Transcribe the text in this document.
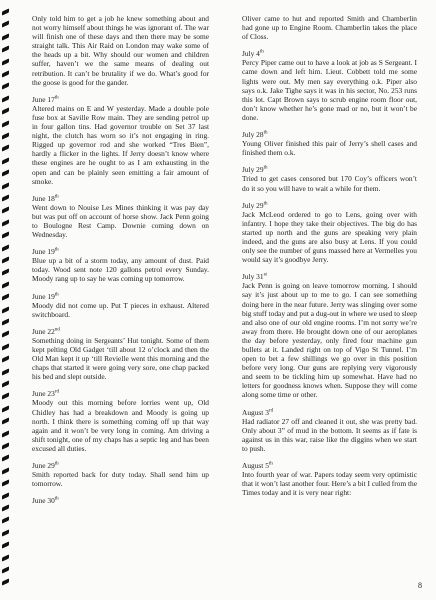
Only told him to get a job he knew something about and not worry himself about things he was ignorant of. The war will finish one of these days and then there may be some straight talk. This Air Raid on London may wake some of the heads up a bit. Why should our women and children suffer, haven’t we the same means of dealing out retribution. It can’t be brutality if we do. What’s good for the goose is good for the gander.
June 17th
Altered mains on E and W yesterday. Made a double pole fuse box at Saville Row main. They are sending petrol up in four gallon tins. Had governor trouble on Set 37 last night, the clutch has worn so it’s not engaging in ring. Rigged up governor rod and she worked “Tres Bien”, hardly a flicker in the lights. If Jerry doesn’t know where these engines are he ought to as I am exhausting in the open and can be plainly seen emitting a fair amount of smoke.
June 18th
Went down to Nouise Les Mines thinking it was pay day but was put off on account of horse show. Jack Penn going to Boulogne Rest Camp. Downie coming down on Wednesday.
June 19th
Blue up a bit of a storm today, any amount of dust. Paid today. Wood sent note 120 gallons petrol every Sunday. Moody rang up to say he was coming up tomorrow.
June 19th
Moody did not come up. Put T pieces in exhaust. Altered switchboard.
June 22nd
Something doing in Sergeants’ Hut tonight. Some of them kept pelting Old Gadget ‘till about 12 o’clock and then the Old Man kept it up ‘till Revielle went this morning and the chaps that started it were going very sore, one chap packed his bed and slept outside.
June 23rd
Moody out this morning before lorries went up, Old Chidley has had a breakdown and Moody is going up north. I think there is something coming off up that way again and it won’t be very long in coming. Am driving a shift tonight, one of my chaps has a septic leg and has been excused all duties.
June 29th
Smith reported back for duty today. Shall send him up tomorrow.
June 30th
Oliver came to hut and reported Smith and Chamberlin had gone up to Engine Room. Chamberlin takes the place of Closs.
July 4th
Percy Piper came out to have a look at job as S Sergeant. I came down and left him. Lieut. Cobbett told me some lights were out. My men say everything o.k. Piper also says o.k. Jake Tighe says it was in his sector, No. 253 runs this lot. Capt Brown says to scrub engine room floor out, don’t know whether he’s gone mad or no, but it won’t be done.
July 28th
Young Oliver finished this pair of Jerry’s shell cases and finished them o.k.
July 29th
Tried to get cases censored but 170 Coy’s officers won’t do it so you will have to wait a while for them.
July 29th
Jack McLeod ordered to go to Lens, going over with infantry. I hope they take their objectives. The big do has started up north and the guns are speaking very plain indeed, and the guns are also busy at Lens. If you could only see the number of guns massed here at Vermelles you would say it’s goodbye Jerry.
July 31st
Jack Penn is going on leave tomorrow morning. I should say it’s just about up to me to go. I can see something doing here in the near future. Jerry was slinging over some big stuff today and put a dug-out in where we used to sleep and also one of our old engine rooms. I’m not sorry we’re away from there. He brought down one of our aeroplanes the day before yesterday, only fired four machine gun bullets at it. Landed right on top of Vigo St Tunnel. I’m open to bet a few shillings we go over in this position before very long. Our guns are replying very vigorously and seem to be tickling him up somewhat. Have had no letters for goodness knows when. Suppose they will come along some time or other.
August 3rd
Had radiator 27 off and cleaned it out, she was pretty bad. Only about 3” of mud in the bottom. It seems as if fate is against us in this war, raise like the diggins when we start to push.
August 5th
Into fourth year of war. Papers today seem very optimistic that it won’t last another four. Here’s a bit I culled from the Times today and it is very near right:
8
